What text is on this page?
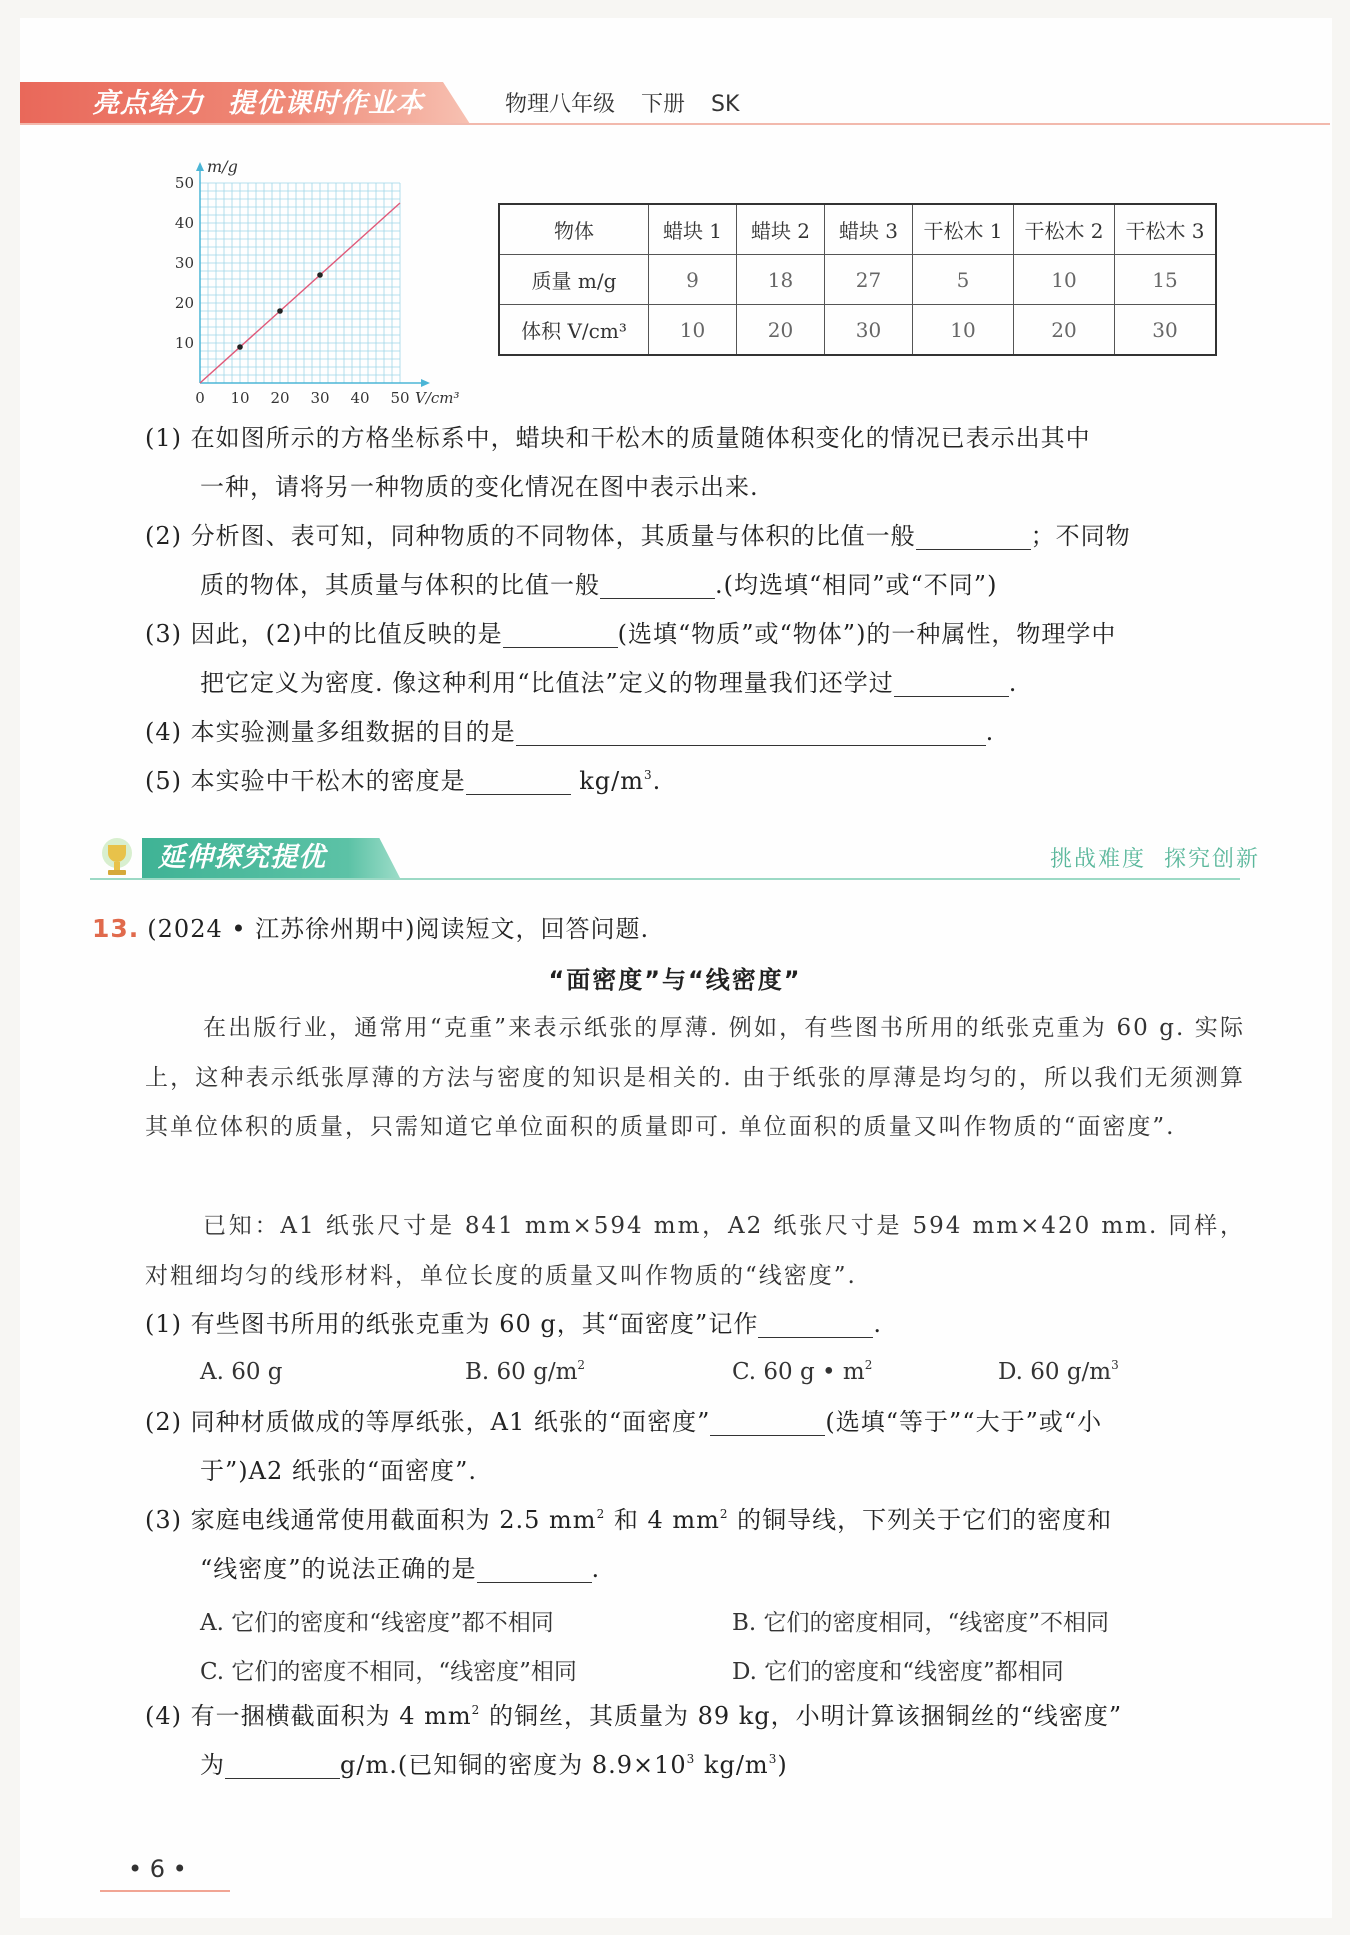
亮点给力 提优课时作业本	物理八年级 下册 SK
m/g
V/cm³
0 10 20 30 40 50
10
20
30
40
50
物体	蜡块 1	蜡块 2	蜡块 3	干松木 1	干松木 2	干松木 3
质量 m/g	9	18	27	5	10	15
体积 V/cm³	10	20	30	10	20	30
(1) 在如图所示的方格坐标系中，蜡块和干松木的质量随体积变化的情况已表示出其中
一种，请将另一种物质的变化情况在图中表示出来.
(2) 分析图、表可知，同种物质的不同物体，其质量与体积的比值一般	；不同物
质的物体，其质量与体积的比值一般	.(均选填“相同”或“不同”)
(3) 因此，(2)中的比值反映的是	(选填“物质”或“物体”)的一种属性，物理学中
把它定义为密度. 像这种利用“比值法”定义的物理量我们还学过	.
(4) 本实验测量多组数据的目的是	.
(5) 本实验中干松木的密度是	$kg/m^3$.
延伸探究提优	挑战难度 探究创新
13. (2024 • 江苏徐州期中)阅读短文，回答问题.
“面密度”与“线密度”
在出版行业，通常用“克重”来表示纸张的厚薄. 例如，有些图书所用的纸张克重为 60 g. 实际上，这种表示纸张厚薄的方法与密度的知识是相关的. 由于纸张的厚薄是均匀的，所以我们无须测算其单位体积的质量，只需知道它单位面积的质量即可. 单位面积的质量又叫作物质的“面密度”.
已知：A1 纸张尺寸是 841 mm×594 mm，A2 纸张尺寸是 594 mm×420 mm. 同样，对粗细均匀的线形材料，单位长度的质量又叫作物质的“线密度”.
(1) 有些图书所用的纸张克重为 60 g，其“面密度”记作	.
A. 60 g	B. 60 $g/m^2$	C. 60 g • $m^2$	D. 60 $g/m^3$
(2) 同种材质做成的等厚纸张，A1 纸张的“面密度”	(选填“等于”“大于”或“小
于”)A2 纸张的“面密度”.
(3) 家庭电线通常使用截面积为 2.5 $mm^2$ 和 4 $mm^2$ 的铜导线，下列关于它们的密度和
“线密度”的说法正确的是	.
A. 它们的密度和“线密度”都不相同	B. 它们的密度相同，“线密度”不相同
C. 它们的密度不相同，“线密度”相同	D. 它们的密度和“线密度”都相同
(4) 有一捆横截面积为 4 $mm^2$ 的铜丝，其质量为 89 kg，小明计算该捆铜丝的“线密度”
为	g/m.(已知铜的密度为 $8.9\times 10^3$ $kg/m^3$)
• 6 •
